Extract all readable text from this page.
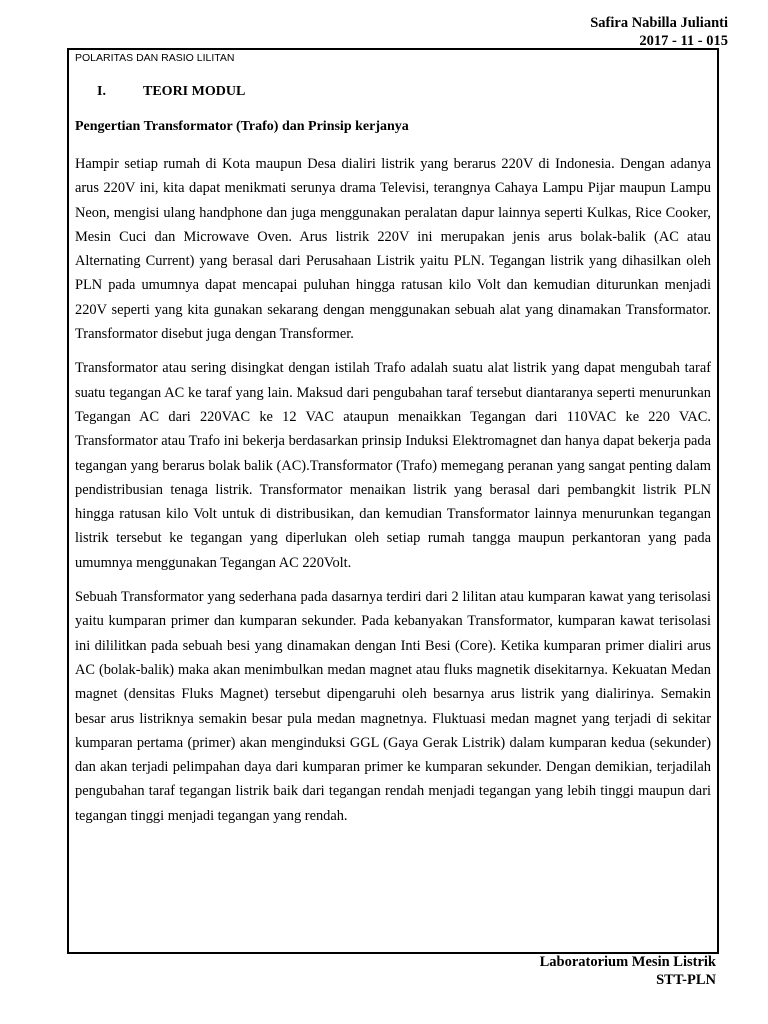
Safira Nabilla Julianti
2017 - 11 - 015
POLARITAS DAN RASIO LILITAN
I.	TEORI MODUL
Pengertian Transformator (Trafo) dan Prinsip kerjanya

Hampir setiap rumah di Kota maupun Desa dialiri listrik yang berarus 220V di Indonesia. Dengan adanya arus 220V ini, kita dapat menikmati serunya drama Televisi, terangnya Cahaya Lampu Pijar maupun Lampu Neon, mengisi ulang handphone dan juga menggunakan peralatan dapur lainnya seperti Kulkas, Rice Cooker, Mesin Cuci dan Microwave Oven. Arus listrik 220V ini merupakan jenis arus bolak-balik (AC atau Alternating Current) yang berasal dari Perusahaan Listrik yaitu PLN. Tegangan listrik yang dihasilkan oleh PLN pada umumnya dapat mencapai puluhan hingga ratusan kilo Volt dan kemudian diturunkan menjadi 220V seperti yang kita gunakan sekarang dengan menggunakan sebuah alat yang dinamakan Transformator. Transformator disebut juga dengan Transformer.

Transformator atau sering disingkat dengan istilah Trafo adalah suatu alat listrik yang dapat mengubah taraf suatu tegangan AC ke taraf yang lain. Maksud dari pengubahan taraf tersebut diantaranya seperti menurunkan Tegangan AC dari 220VAC ke 12 VAC ataupun menaikkan Tegangan dari 110VAC ke 220 VAC. Transformator atau Trafo ini bekerja berdasarkan prinsip Induksi Elektromagnet dan hanya dapat bekerja pada tegangan yang berarus bolak balik (AC).Transformator (Trafo) memegang peranan yang sangat penting dalam pendistribusian tenaga listrik. Transformator menaikan listrik yang berasal dari pembangkit listrik PLN hingga ratusan kilo Volt untuk di distribusikan, dan kemudian Transformator lainnya menurunkan tegangan listrik tersebut ke tegangan yang diperlukan oleh setiap rumah tangga maupun perkantoran yang pada umumnya menggunakan Tegangan AC 220Volt.

Sebuah Transformator yang sederhana pada dasarnya terdiri dari 2 lilitan atau kumparan kawat yang terisolasi yaitu kumparan primer dan kumparan sekunder. Pada kebanyakan Transformator, kumparan kawat terisolasi ini dililitkan pada sebuah besi yang dinamakan dengan Inti Besi (Core). Ketika kumparan primer dialiri arus AC (bolak-balik) maka akan menimbulkan medan magnet atau fluks magnetik disekitarnya. Kekuatan Medan magnet (densitas Fluks Magnet) tersebut dipengaruhi oleh besarnya arus listrik yang dialirinya. Semakin besar arus listriknya semakin besar pula medan magnetnya. Fluktuasi medan magnet yang terjadi di sekitar kumparan pertama (primer) akan menginduksi GGL (Gaya Gerak Listrik) dalam kumparan kedua (sekunder) dan akan terjadi pelimpahan daya dari kumparan primer ke kumparan sekunder. Dengan demikian, terjadilah pengubahan taraf tegangan listrik baik dari tegangan rendah menjadi tegangan yang lebih tinggi maupun dari tegangan tinggi menjadi tegangan yang rendah.

Laboratorium Mesin Listrik
STT-PLN
